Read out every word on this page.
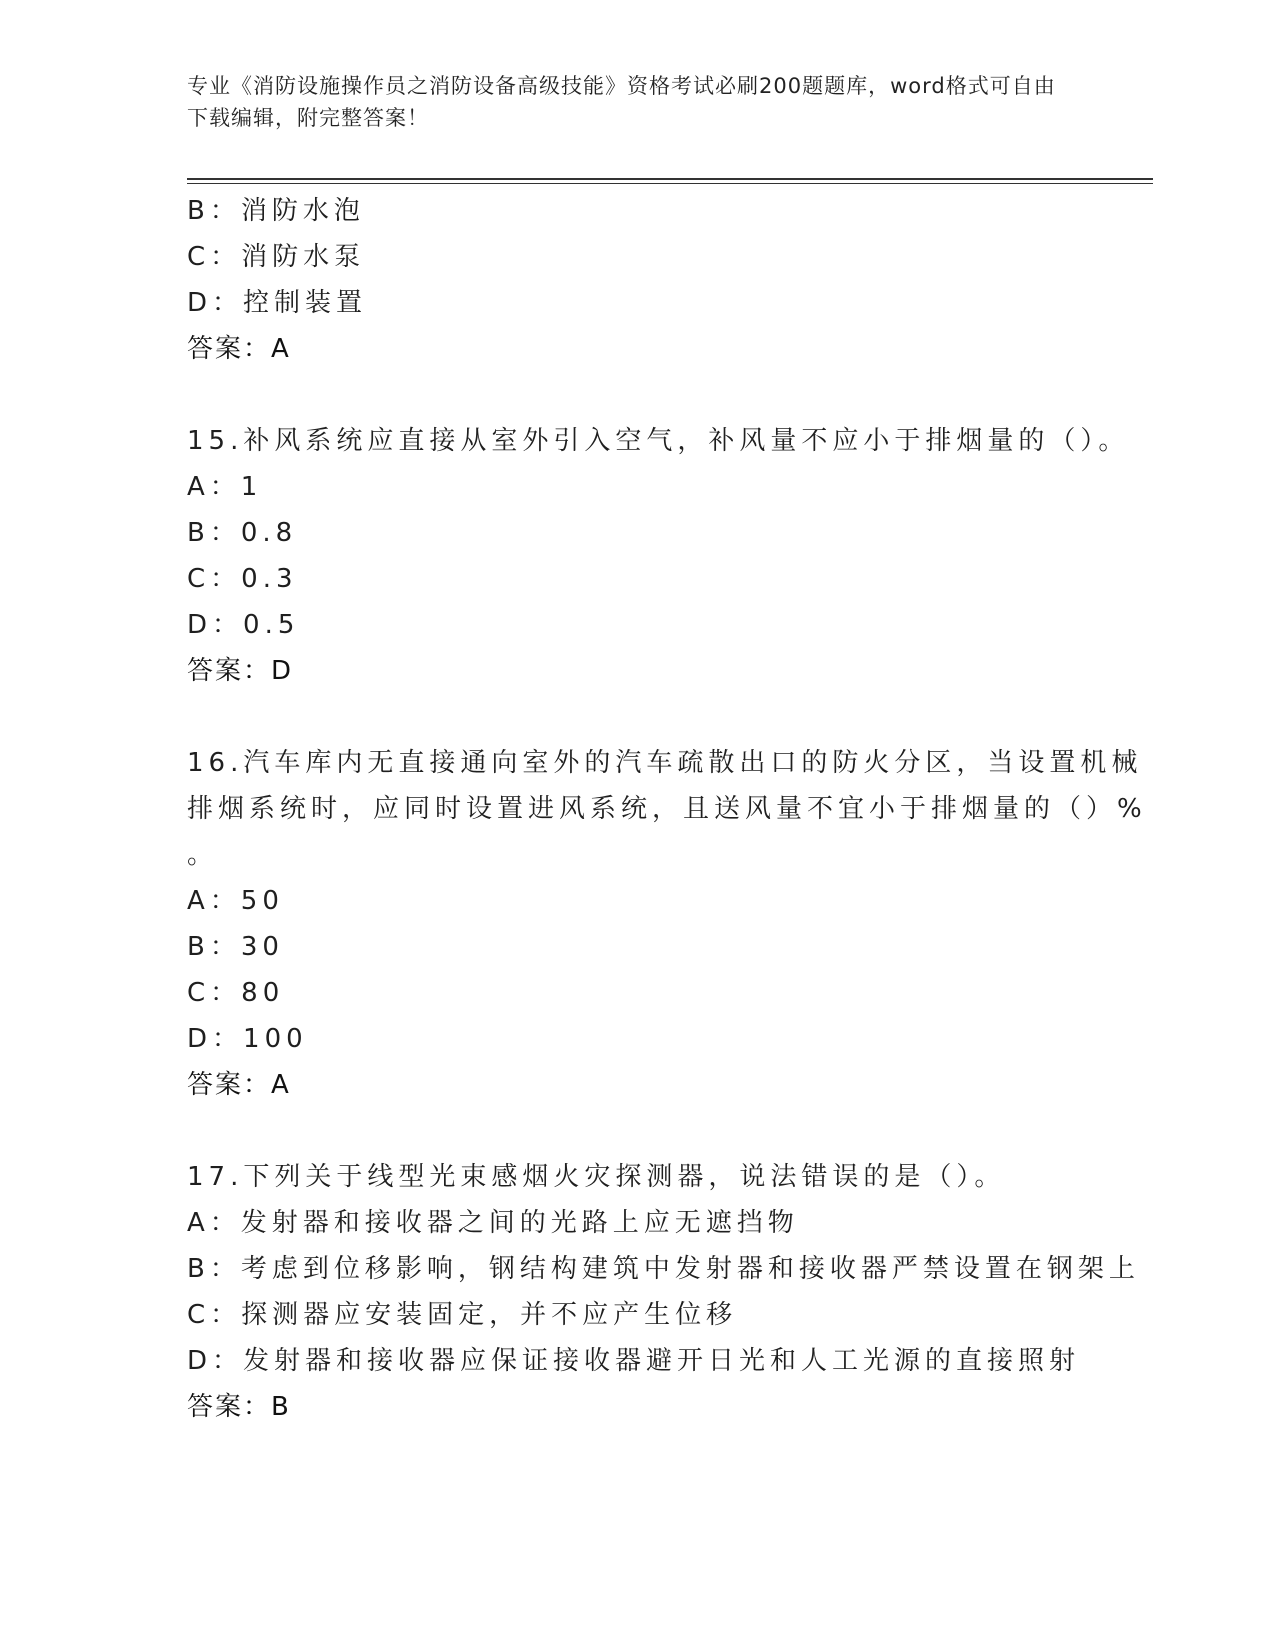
专业《消防设施操作员之消防设备高级技能》资格考试必刷200题题库，word格式可自由下载编辑，附完整答案！
B：消防水泡
C：消防水泵
D：控制装置
答案：A
15.补风系统应直接从室外引入空气，补风量不应小于排烟量的（）。
A：1
B：0.8
C：0.3
D：0.5
答案：D
16.汽车库内无直接通向室外的汽车疏散出口的防火分区，当设置机械
排烟系统时，应同时设置进风系统，且送风量不宜小于排烟量的（）%
。
A：50
B：30
C：80
D：100
答案：A
17.下列关于线型光束感烟火灾探测器，说法错误的是（）。
A：发射器和接收器之间的光路上应无遮挡物
B：考虑到位移影响，钢结构建筑中发射器和接收器严禁设置在钢架上
C：探测器应安装固定，并不应产生位移
D：发射器和接收器应保证接收器避开日光和人工光源的直接照射
答案：B
